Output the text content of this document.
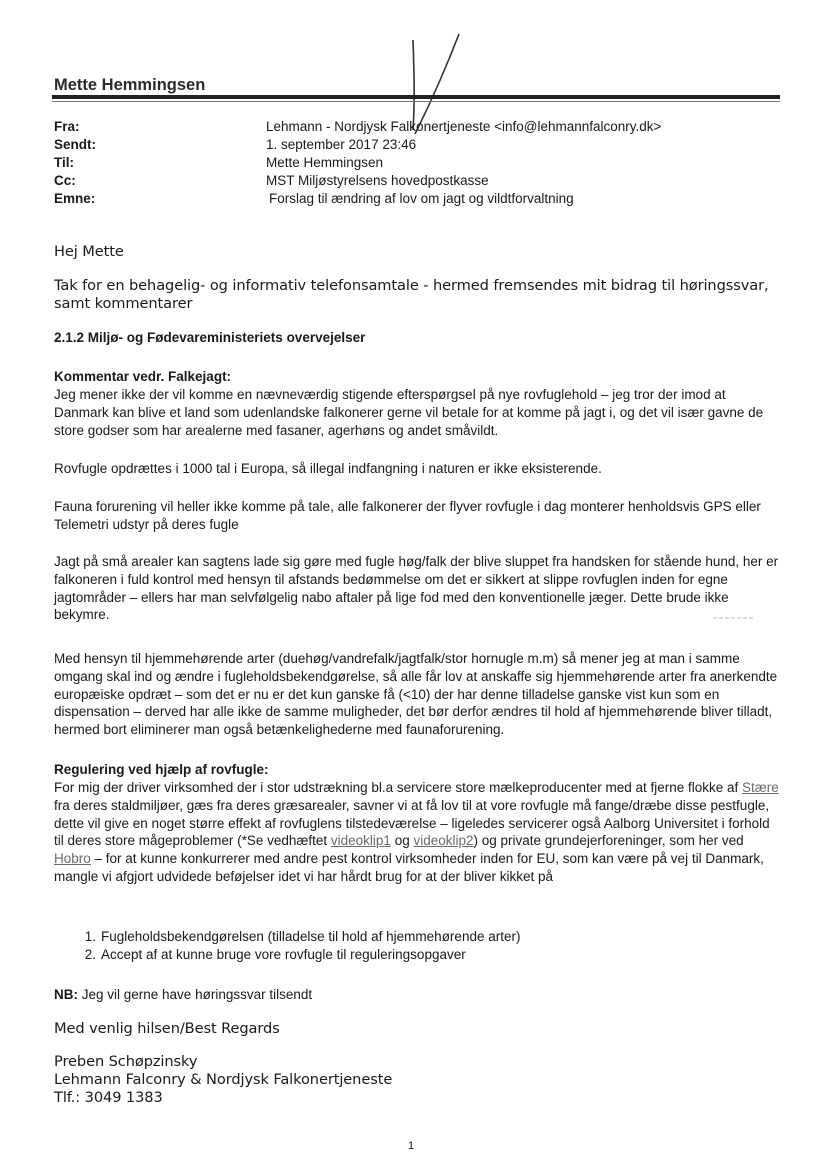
Mette Hemmingsen
Fra:	Lehmann - Nordjysk Falkonertjeneste <info@lehmannfalconry.dk>
Sendt:	1. september 2017 23:46
Til:	Mette Hemmingsen
Cc:	MST Miljøstyrelsens hovedpostkasse
Emne:	Forslag til ændring af lov om jagt og vildtforvaltning
Hej Mette
Tak for en behagelig- og informativ telefonsamtale - hermed fremsendes mit bidrag til høringssvar, samt kommentarer
2.1.2 Miljø- og Fødevareministeriets overvejelser
Kommentar vedr. Falkejagt:
Jeg mener ikke der vil komme en nævneværdig stigende efterspørgsel på nye rovfuglehold – jeg tror der imod at Danmark kan blive et land som udenlandske falkonerer gerne vil betale for at komme på jagt i, og det vil især gavne de store godser som har arealerne med fasaner, agerhøns og andet småvildt.
Rovfugle opdrættes i 1000 tal i Europa, så illegal indfangning i naturen er ikke eksisterende.
Fauna forurening vil heller ikke komme på tale, alle falkonerer der flyver rovfugle i dag monterer henholdsvis GPS eller Telemetri udstyr på deres fugle
Jagt på små arealer kan sagtens lade sig gøre med fugle høg/falk der blive sluppet fra handsken for stående hund, her er falkoneren i fuld kontrol med hensyn til afstands bedømmelse om det er sikkert at slippe rovfuglen inden for egne jagtområder – ellers har man selvfølgelig nabo aftaler på lige fod med den konventionelle jæger. Dette brude ikke bekymre.
Med hensyn til hjemmehørende arter (duehøg/vandrefalk/jagtfalk/stor hornugle m.m) så mener jeg at man i samme omgang skal ind og ændre i fugleholdsbekendgørelse, så alle får lov at anskaffe sig hjemmehørende arter fra anerkendte europæiske opdræt – som det er nu er det kun ganske få (<10) der har denne tilladelse ganske vist kun som en dispensation – derved har alle ikke de samme muligheder, det bør derfor ændres til hold af hjemmehørende bliver tilladt, hermed bort eliminerer man også betænkelighederne med faunaforurening.
Regulering ved hjælp af rovfugle:
For mig der driver virksomhed der i stor udstrækning bl.a servicere store mælkeproducenter med at fjerne flokke af Stære fra deres staldmiljøer, gæs fra deres græsarealer, savner vi at få lov til at vore rovfugle må fange/dræbe disse pestfugle, dette vil give en noget større effekt af rovfuglens tilstedeværelse – ligeledes servicerer også Aalborg Universitet i forhold til deres store mågeproblemer (*Se vedhæftet videoklip1 og videoklip2) og private grundejerforeninger, som her ved Hobro – for at kunne konkurrerer med andre pest kontrol virksomheder inden for EU, som kan være på vej til Danmark, mangle vi afgjort udvidede beføjelser idet vi har hårdt brug for at der bliver kikket på
1. Fugleholdsbekendgørelsen (tilladelse til hold af hjemmehørende arter)
2. Accept af at kunne bruge vore rovfugle til reguleringsopgaver
NB: Jeg vil gerne have høringssvar tilsendt
Med venlig hilsen/Best Regards
Preben Schøpzinsky
Lehmann Falconry & Nordjysk Falkonertjeneste
Tlf.: 3049 1383
1
